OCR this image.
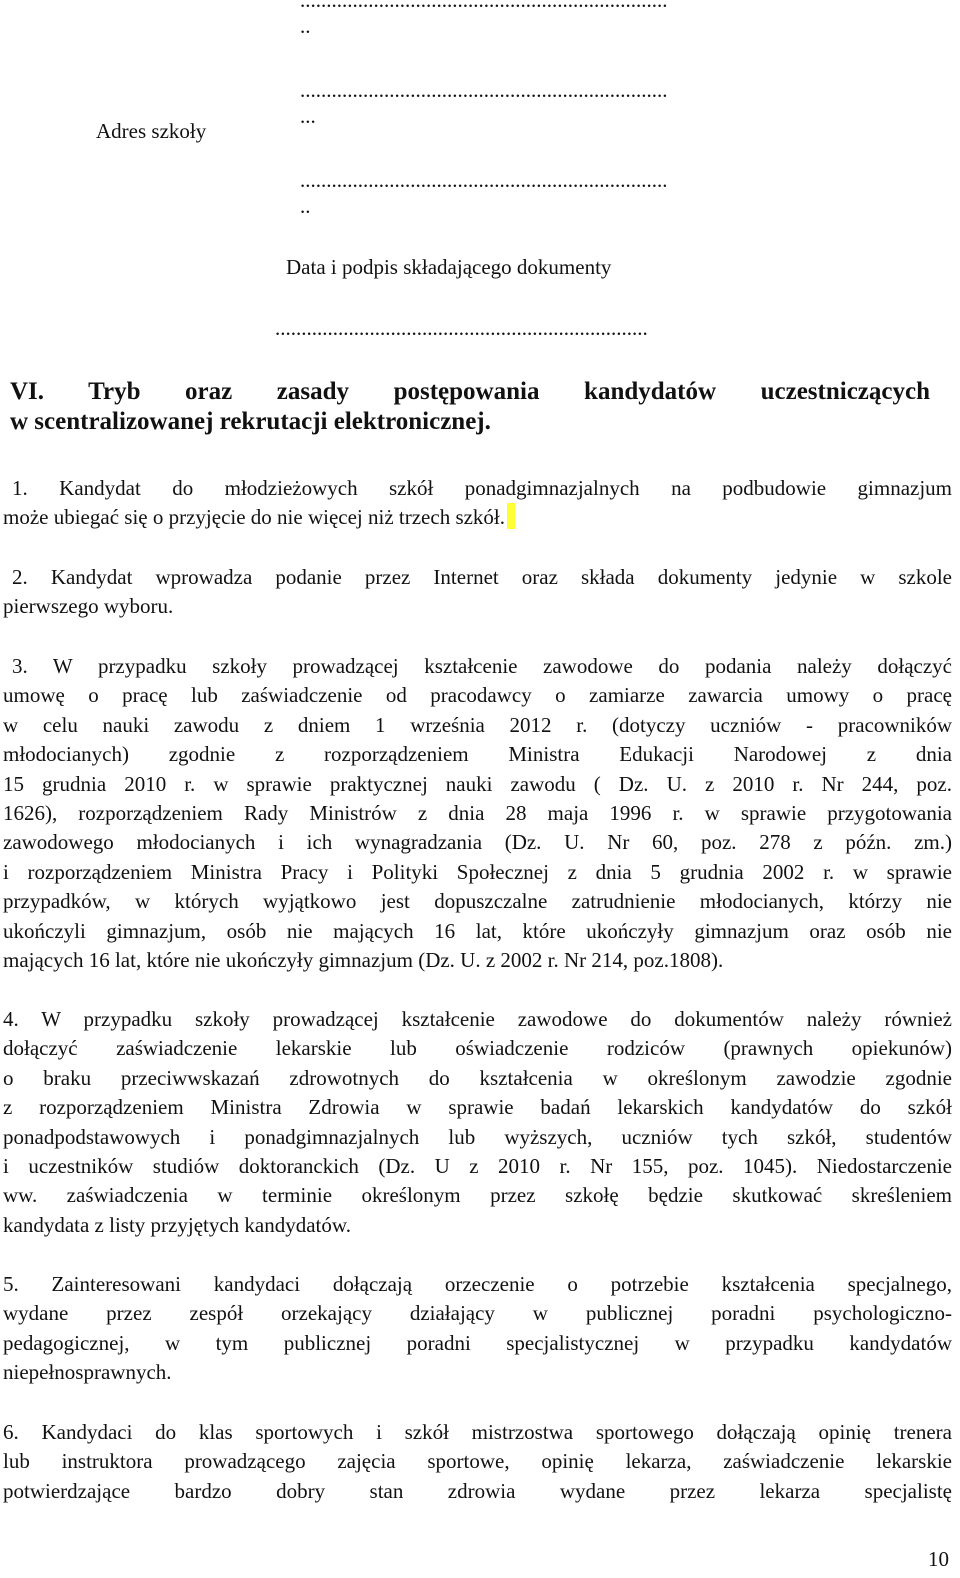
Adres szkoły
......................................................................
..
......................................................................
...
......................................................................
..
Data i podpis składającego dokumenty
.......................................................................
VI. Tryb oraz zasady postępowania kandydatów uczestniczących
w scentralizowanej rekrutacji elektronicznej.
1. Kandydat do młodzieżowych szkół ponadgimnazjalnych na podbudowie gimnazjum
może ubiegać się o przyjęcie do nie więcej niż trzech szkół.
2. Kandydat wprowadza podanie przez Internet oraz składa dokumenty jedynie w szkole
pierwszego wyboru.
3. W przypadku szkoły prowadzącej kształcenie zawodowe do podania należy dołączyć
umowę o pracę lub zaświadczenie od pracodawcy o zamiarze zawarcia umowy o pracę
w celu nauki zawodu z dniem 1 września 2012 r. (dotyczy uczniów - pracowników
młodocianych) zgodnie z rozporządzeniem Ministra Edukacji Narodowej z dnia
15 grudnia 2010 r. w sprawie praktycznej nauki zawodu ( Dz. U. z 2010 r. Nr 244, poz.
1626), rozporządzeniem Rady Ministrów z dnia 28 maja 1996 r. w sprawie przygotowania
zawodowego młodocianych i ich wynagradzania (Dz. U. Nr 60, poz. 278 z późn. zm.)
i rozporządzeniem Ministra Pracy i Polityki Społecznej z dnia 5 grudnia 2002 r. w sprawie
przypadków, w których wyjątkowo jest dopuszczalne zatrudnienie młodocianych, którzy nie
ukończyli gimnazjum, osób nie mających 16 lat, które ukończyły gimnazjum oraz osób nie
mających 16 lat, które nie ukończyły gimnazjum (Dz. U. z 2002 r. Nr 214, poz.1808).
4. W przypadku szkoły prowadzącej kształcenie zawodowe do dokumentów należy również
dołączyć zaświadczenie lekarskie lub oświadczenie rodziców (prawnych opiekunów)
o braku przeciwwskazań zdrowotnych do kształcenia w określonym zawodzie zgodnie
z rozporządzeniem Ministra Zdrowia w sprawie badań lekarskich kandydatów do szkół
ponadpodstawowych i ponadgimnazjalnych lub wyższych, uczniów tych szkół, studentów
i uczestników studiów doktoranckich (Dz. U z 2010 r. Nr 155, poz. 1045). Niedostarczenie
ww. zaświadczenia w terminie określonym przez szkołę będzie skutkować skreśleniem
kandydata z listy przyjętych kandydatów.
5. Zainteresowani kandydaci dołączają orzeczenie o potrzebie kształcenia specjalnego,
wydane przez zespół orzekający działający w publicznej poradni psychologiczno-
pedagogicznej, w tym publicznej poradni specjalistycznej w przypadku kandydatów
niepełnosprawnych.
6. Kandydaci do klas sportowych i szkół mistrzostwa sportowego dołączają opinię trenera
lub instruktora prowadzącego zajęcia sportowe, opinię lekarza, zaświadczenie lekarskie
potwierdzające bardzo dobry stan zdrowia wydane przez lekarza specjalistę
10
